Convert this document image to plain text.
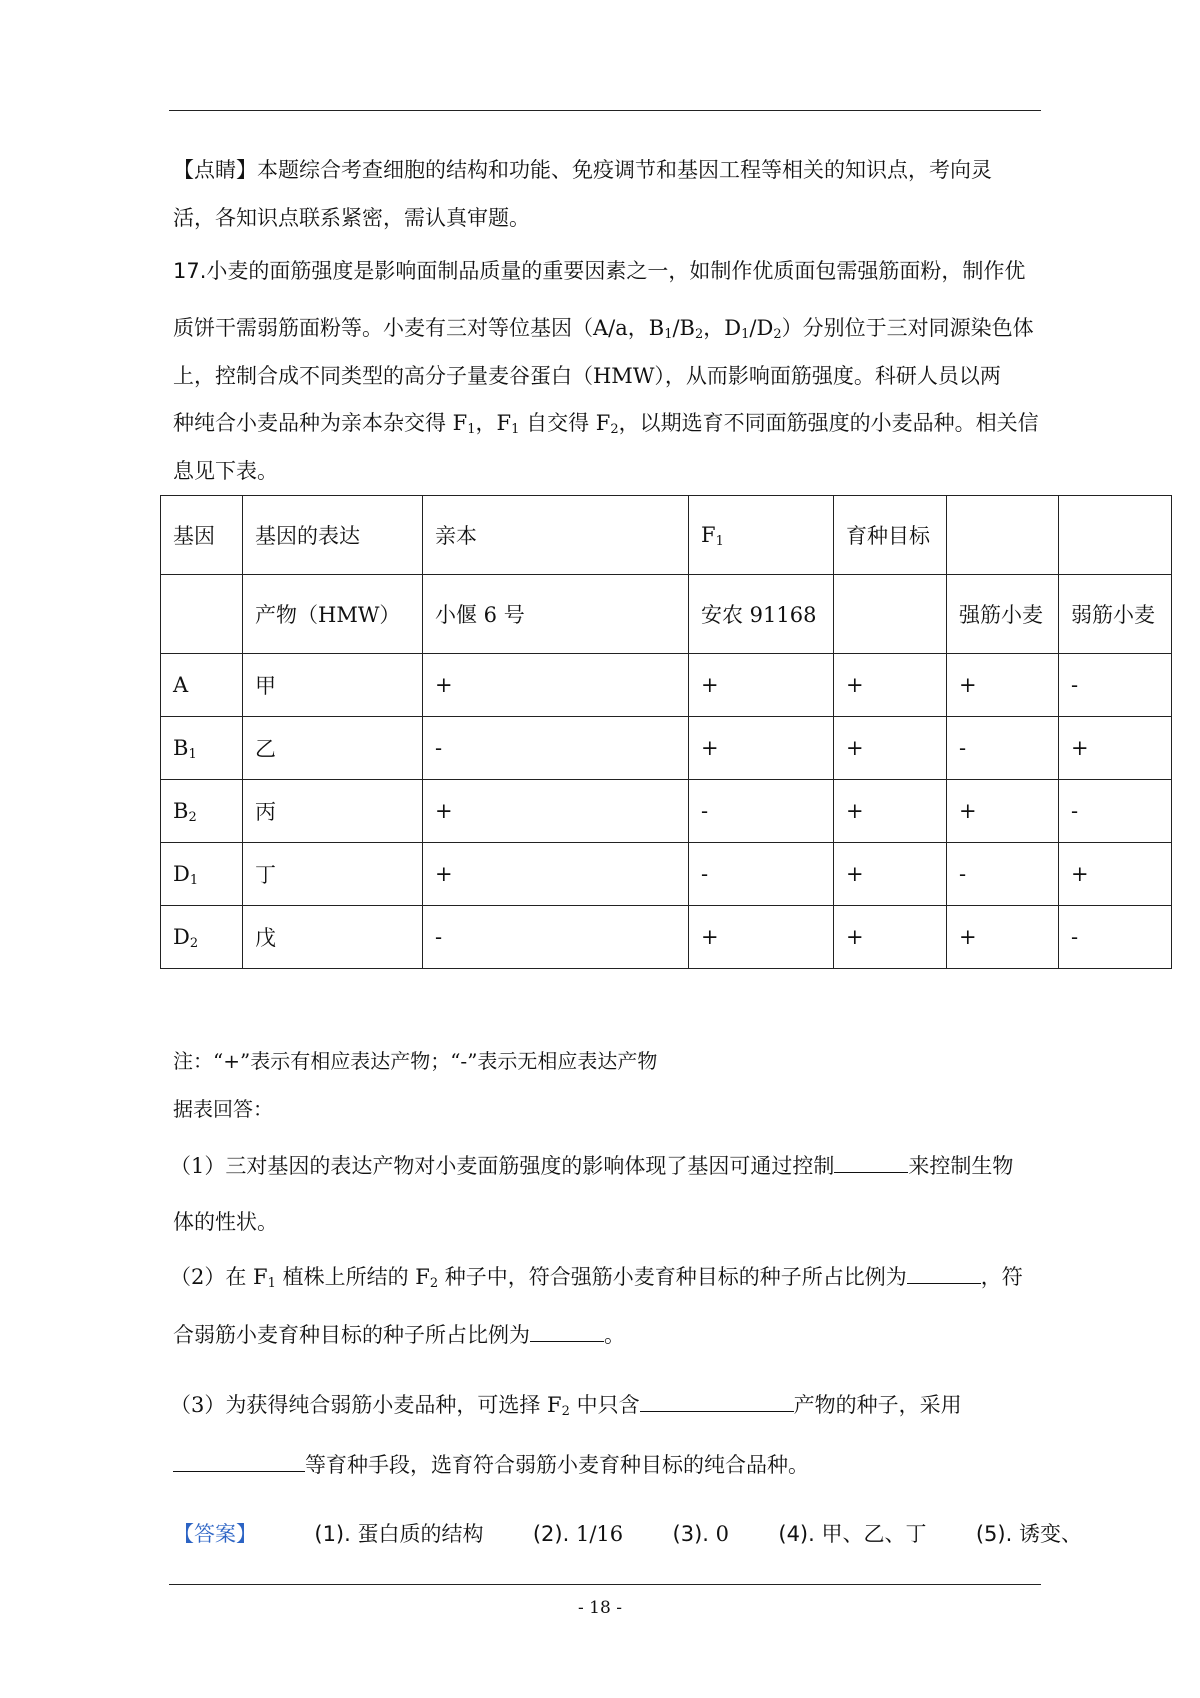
【点睛】本题综合考查细胞的结构和功能、免疫调节和基因工程等相关的知识点，考向灵
活，各知识点联系紧密，需认真审题。
17.小麦的面筋强度是影响面制品质量的重要因素之一，如制作优质面包需强筋面粉，制作优
质饼干需弱筋面粉等。小麦有三对等位基因（A/a，$B_1/B_2$，$D_1/D_2$）分别位于三对同源染色体
上，控制合成不同类型的高分子量麦谷蛋白（HMW），从而影响面筋强度。科研人员以两
种纯合小麦品种为亲本杂交得 $F_1$，$F_1$ 自交得 $F_2$，以期选育不同面筋强度的小麦品种。相关信
息见下表。
基因	基因的表达	亲本	$F_1$	育种目标		
	产物（HMW）	小偃 6 号	安农 91168		强筋小麦	弱筋小麦
A	甲	+	+	+	+	-
$B_1$	乙	-	+	+	-	+
$B_2$	丙	+	-	+	+	-
$D_1$	丁	+	-	+	-	+
$D_2$	戊	-	+	+	+	-
注：“+”表示有相应表达产物；“-”表示无相应表达产物
据表回答：
（1）三对基因的表达产物对小麦面筋强度的影响体现了基因可通过控制	来控制生物
体的性状。
（2）在 $F_1$ 植株上所结的 $F_2$ 种子中，符合强筋小麦育种目标的种子所占比例为	，符
合弱筋小麦育种目标的种子所占比例为	。
（3）为获得纯合弱筋小麦品种，可选择 $F_2$ 中只含	产物的种子，采用
等育种手段，选育符合弱筋小麦育种目标的纯合品种。
【答案】	(1). 蛋白质的结构 (2). 1/16 (3). 0 (4). 甲、乙、丁 (5). 诱变、
- 18 -
